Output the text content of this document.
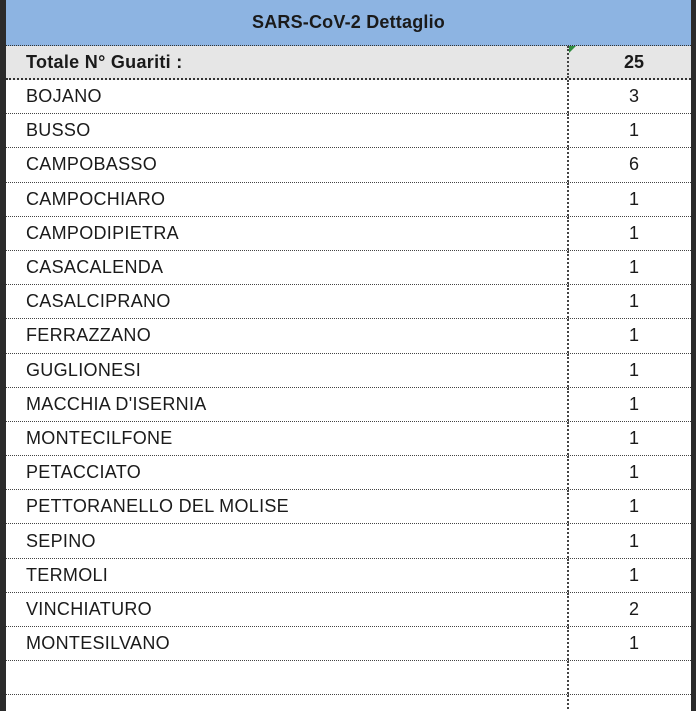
SARS-CoV-2 Dettaglio
Totale N° Guariti :	25
BOJANO	3
BUSSO	1
CAMPOBASSO	6
CAMPOCHIARO	1
CAMPODIPIETRA	1
CASACALENDA	1
CASALCIPRANO	1
FERRAZZANO	1
GUGLIONESI	1
MACCHIA D'ISERNIA	1
MONTECILFONE	1
PETACCIATO	1
PETTORANELLO DEL MOLISE	1
SEPINO	1
TERMOLI	1
VINCHIATURO	2
MONTESILVANO	1
